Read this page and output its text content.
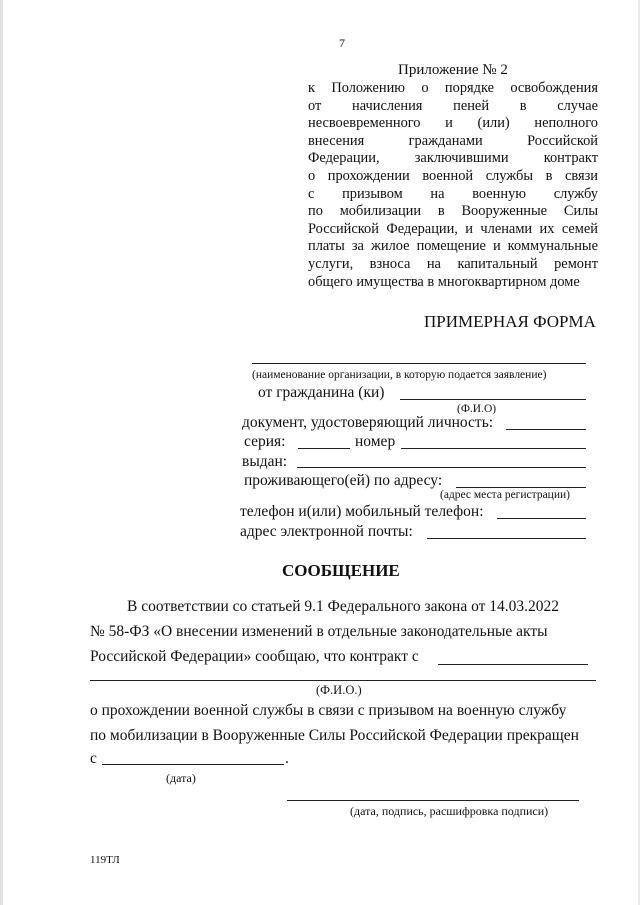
7
Приложение № 2
к Положению о порядке освобождения
от начисления пеней в случае
несвоевременного и (или) неполного
внесения гражданами Российской
Федерации, заключившими контракт
о прохождении военной службы в связи
с призывом на военную службу
по мобилизации в Вооруженные Силы
Российской Федерации, и членами их семей
платы за жилое помещение и коммунальные
услуги, взноса на капитальный ремонт
общего имущества в многоквартирном доме
ПРИМЕРНАЯ ФОРМА
(наименование организации, в которую подается заявление)
от гражданина (ки)
(Ф.И.О)
документ, удостоверяющий личность:
серия:	номер
выдан:
проживающего(ей) по адресу:
(адрес места регистрации)
телефон и(или) мобильный телефон:
адрес электронной почты:
СООБЩЕНИЕ
В соответствии со статьей 9.1 Федерального закона от 14.03.2022
№ 58-ФЗ «О внесении изменений в отдельные законодательные акты
Российской Федерации» сообщаю, что контракт с
(Ф.И.О.)
о прохождении военной службы в связи с призывом на военную службу
по мобилизации в Вооруженные Силы Российской Федерации прекращен
с	.
(дата)
(дата, подпись, расшифровка подписи)
119ТЛ
